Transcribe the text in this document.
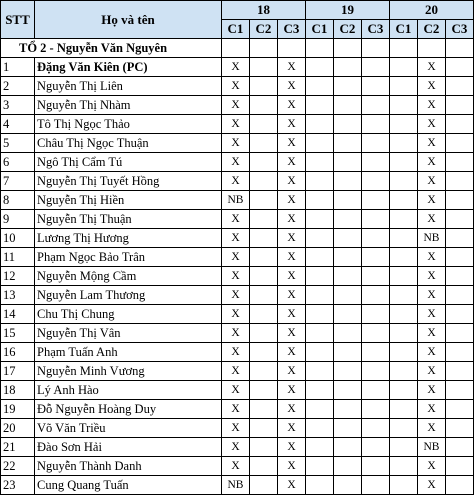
STT	Họ và tên	18			19			20		
		C1	C2	C3	C1	C2	C3	C1	C2	C3
TỔ 2 - Nguyễn Văn Nguyên										
1	Đặng Văn Kiên (PC)	X		X					X	
2	Nguyễn Thị Liên	X		X					X	
3	Nguyễn Thị Nhàm	X		X					X	
4	Tô Thị Ngọc Thảo	X		X					X	
5	Châu Thị Ngọc Thuận	X		X					X	
6	Ngô Thị Cẩm Tú	X		X					X	
7	Nguyễn Thị Tuyết Hồng	X		X					X	
8	Nguyễn Thị Hiền	NB		X					X	
9	Nguyễn Thị Thuận	X		X					X	
10	Lương Thị Hương	X		X					NB	
11	Phạm Ngọc Bảo Trân	X		X					X	
12	Nguyễn Mộng Cầm	X		X					X	
13	Nguyễn Lam Thương	X		X					X	
14	Chu Thị Chung	X		X					X	
15	Nguyễn Thị Vân	X		X					X	
16	Phạm Tuấn Anh	X		X					X	
17	Nguyễn Minh Vương	X		X					X	
18	Lý Anh Hào	X		X					X	
19	Đỗ Nguyễn Hoàng Duy	X		X					X	
20	Võ Văn Triều	X		X					X	
21	Đào Sơn Hải	X		X					NB	
22	Nguyễn Thành Danh	X		X					X	
23	Cung Quang Tuấn	NB		X					X	
